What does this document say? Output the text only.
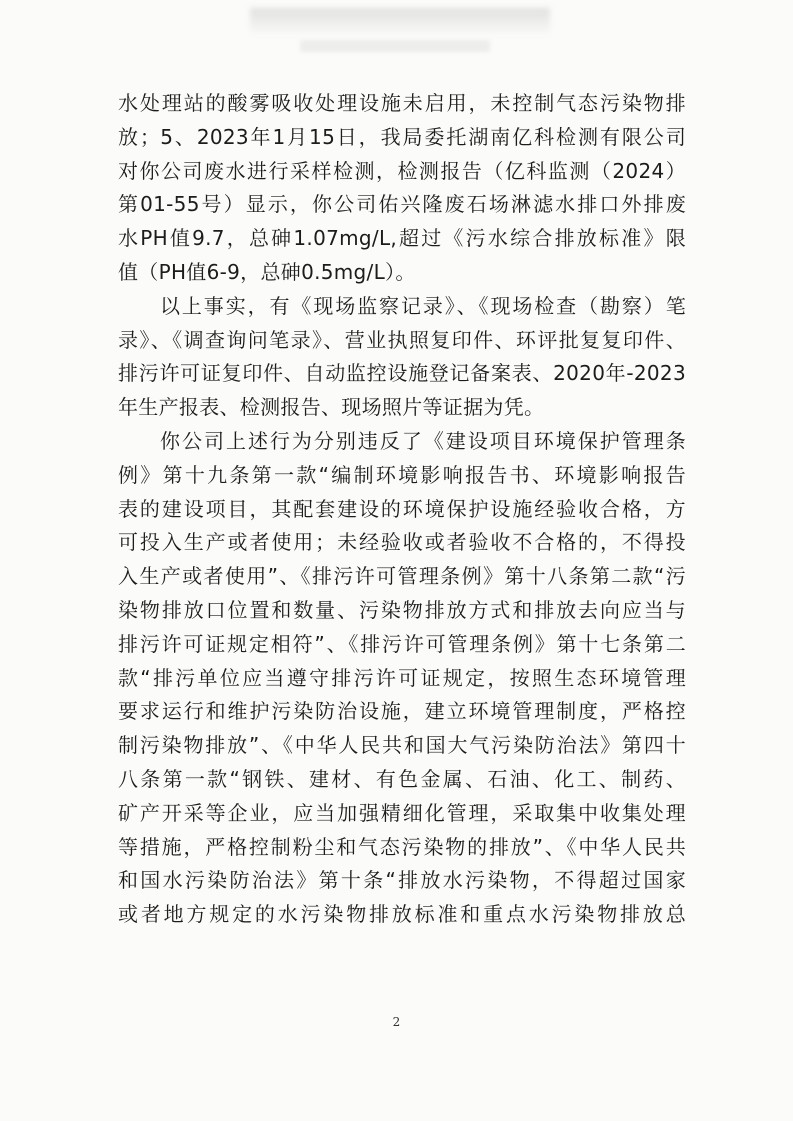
水处理站的酸雾吸收处理设施未启用，未控制气态污染物排
放；5、2023年1月15日，我局委托湖南亿科检测有限公司
对你公司废水进行采样检测，检测报告（亿科监测（2024）
第01-55号）显示，你公司佑兴隆废石场淋滤水排口外排废
水PH值9.7，总砷1.07mg/L,超过《污水综合排放标准》限
值（PH值6-9，总砷0.5mg/L）。
以上事实，有《现场监察记录》、《现场检查（勘察）笔
录》、《调查询问笔录》、营业执照复印件、环评批复复印件、
排污许可证复印件、自动监控设施登记备案表、2020年-2023
年生产报表、检测报告、现场照片等证据为凭。
你公司上述行为分别违反了《建设项目环境保护管理条
例》第十九条第一款“编制环境影响报告书、环境影响报告
表的建设项目，其配套建设的环境保护设施经验收合格，方
可投入生产或者使用；未经验收或者验收不合格的，不得投
入生产或者使用”、《排污许可管理条例》第十八条第二款“污
染物排放口位置和数量、污染物排放方式和排放去向应当与
排污许可证规定相符”、《排污许可管理条例》第十七条第二
款“排污单位应当遵守排污许可证规定，按照生态环境管理
要求运行和维护污染防治设施，建立环境管理制度，严格控
制污染物排放”、《中华人民共和国大气污染防治法》第四十
八条第一款“钢铁、建材、有色金属、石油、化工、制药、
矿产开采等企业，应当加强精细化管理，采取集中收集处理
等措施，严格控制粉尘和气态污染物的排放”、《中华人民共
和国水污染防治法》第十条“排放水污染物，不得超过国家
或者地方规定的水污染物排放标准和重点水污染物排放总
2
